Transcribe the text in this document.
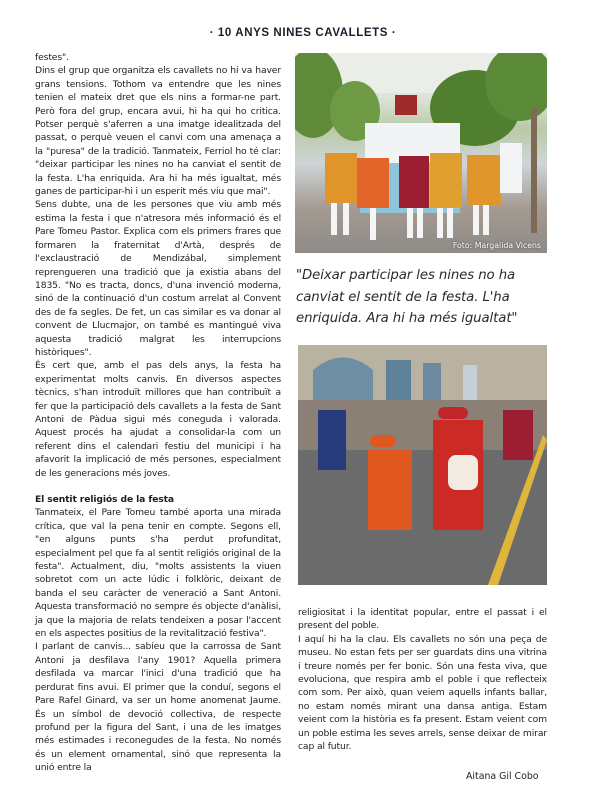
· 10 ANYS NINES CAVALLETS ·

festes".

Dins el grup que organitza els cavallets no hi va haver grans tensions. Tothom va entendre que les nines tenien el mateix dret que els nins a formar-ne part. Però fora del grup, encara avui, hi ha qui ho critica. Potser perquè s'aferren a una imatge idealitzada del passat, o perquè veuen el canvi com una amenaça a la "puresa" de la tradició. Tanmateix, Ferriol ho té clar: "deixar participar les nines no ha canviat el sentit de la festa. L'ha enriquida. Ara hi ha més igualtat, més ganes de participar-hi i un esperit més viu que mai".

Sens dubte, una de les persones que viu amb més estima la festa i que n'atresora més informació és el Pare Tomeu Pastor. Explica com els primers frares que formaren la fraternitat d'Artà, després de l'exclaustració de Mendizábal, simplement reprengueren una tradició que ja existia abans del 1835. "No es tracta, doncs, d'una invenció moderna, sinó de la continuació d'un costum arrelat al Convent des de fa segles. De fet, un cas similar es va donar al convent de Llucmajor, on també es mantingué viva aquesta tradició malgrat les interrupcions històriques".

És cert que, amb el pas dels anys, la festa ha experimentat molts canvis. En diversos aspectes tècnics, s'han introduït millores que han contribuït a fer que la participació dels cavallets a la festa de Sant Antoni de Pàdua sigui més coneguda i valorada. Aquest procés ha ajudat a consolidar-la com un referent dins el calendari festiu del municipi i ha afavorit la implicació de més persones, especialment de les generacions més joves.

El sentit religiós de la festa

Tanmateix, el Pare Tomeu també aporta una mirada crítica, que val la pena tenir en compte. Segons ell, "en alguns punts s'ha perdut profunditat, especialment pel que fa al sentit religiós original de la festa". Actualment, diu, "molts assistents la viuen sobretot com un acte lúdic i folklòric, deixant de banda el seu caràcter de veneració a Sant Antoni. Aquesta transformació no sempre és objecte d'anàlisi, ja que la majoria de relats tendeixen a posar l'accent en els aspectes positius de la revitalització festiva".

I parlant de canvis... sabíeu que la carrossa de Sant Antoni ja desfilava l'any 1901? Aquella primera desfilada va marcar l'inici d'una tradició que ha perdurat fins avui. El primer que la conduí, segons el Pare Rafel Ginard, va ser un home anomenat Jaume. És un símbol de devoció collectiva, de respecte profund per la figura del Sant, i una de les imatges més estimades i reconegudes de la festa. No només és un element ornamental, sinó que representa la unió entre la

Foto: Margalida Vicens
"Deixar participar les nines no ha canviat el sentit de la festa. L'ha enriquida. Ara hi ha més igualtat"

religiositat i la identitat popular, entre el passat i el present del poble.

I aquí hi ha la clau. Els cavallets no són una peça de museu. No estan fets per ser guardats dins una vitrina i treure només per fer bonic. Són una festa viva, que evoluciona, que respira amb el poble i que reflecteix com som. Per això, quan veiem aquells infants ballar, no estam només mirant una dansa antiga. Estam veient com la història es fa present. Estam veient com un poble estima les seves arrels, sense deixar de mirar cap al futur.

Aitana Gil Cobo
